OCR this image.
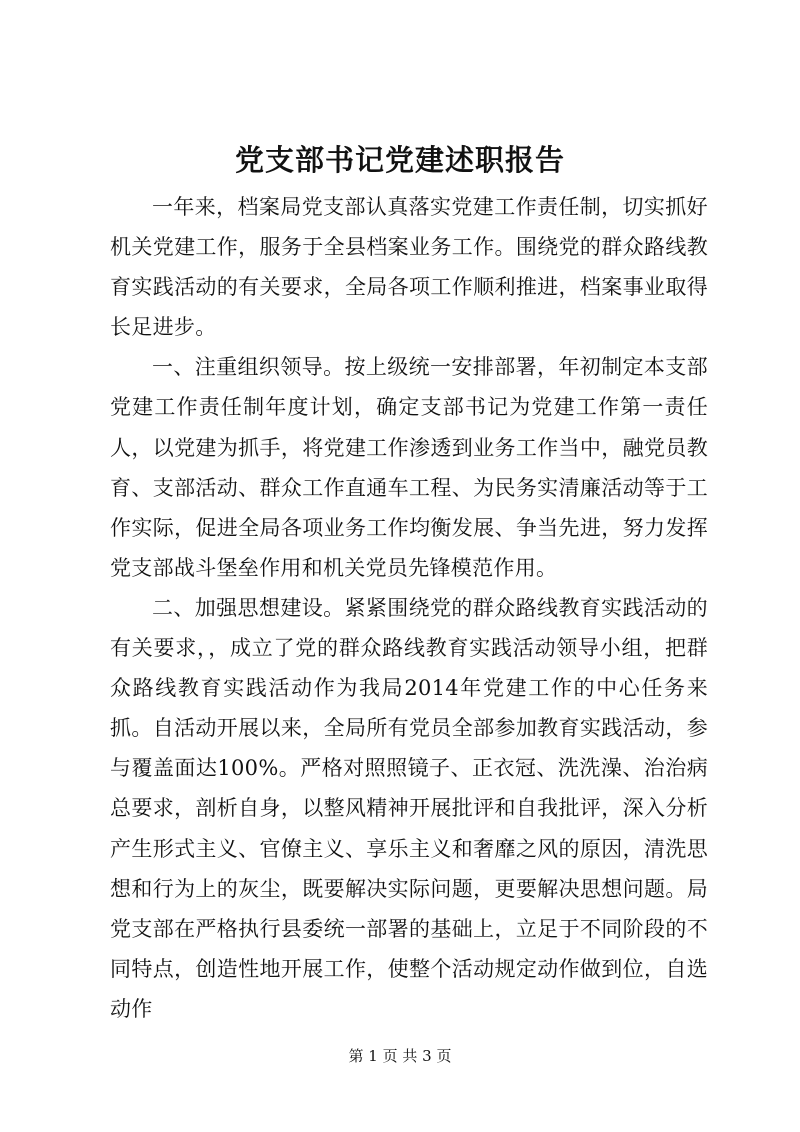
党支部书记党建述职报告

一年来，档案局党支部认真落实党建工作责任制，切实抓好机关党建工作，服务于全县档案业务工作。围绕党的群众路线教育实践活动的有关要求，全局各项工作顺利推进，档案事业取得长足进步。

一、注重组织领导。按上级统一安排部署，年初制定本支部党建工作责任制年度计划，确定支部书记为党建工作第一责任人，以党建为抓手，将党建工作渗透到业务工作当中，融党员教育、支部活动、群众工作直通车工程、为民务实清廉活动等于工作实际，促进全局各项业务工作均衡发展、争当先进，努力发挥党支部战斗堡垒作用和机关党员先锋模范作用。

二、加强思想建设。紧紧围绕党的群众路线教育实践活动的有关要求，，成立了党的群众路线教育实践活动领导小组，把群众路线教育实践活动作为我局2014年党建工作的中心任务来抓。自活动开展以来，全局所有党员全部参加教育实践活动，参与覆盖面达100%。严格对照照镜子、正衣冠、洗洗澡、治治病总要求，剖析自身，以整风精神开展批评和自我批评，深入分析产生形式主义、官僚主义、享乐主义和奢靡之风的原因，清洗思想和行为上的灰尘，既要解决实际问题，更要解决思想问题。局党支部在严格执行县委统一部署的基础上，立足于不同阶段的不同特点，创造性地开展工作，使整个活动规定动作做到位，自选动作

第 1 页 共 3 页
